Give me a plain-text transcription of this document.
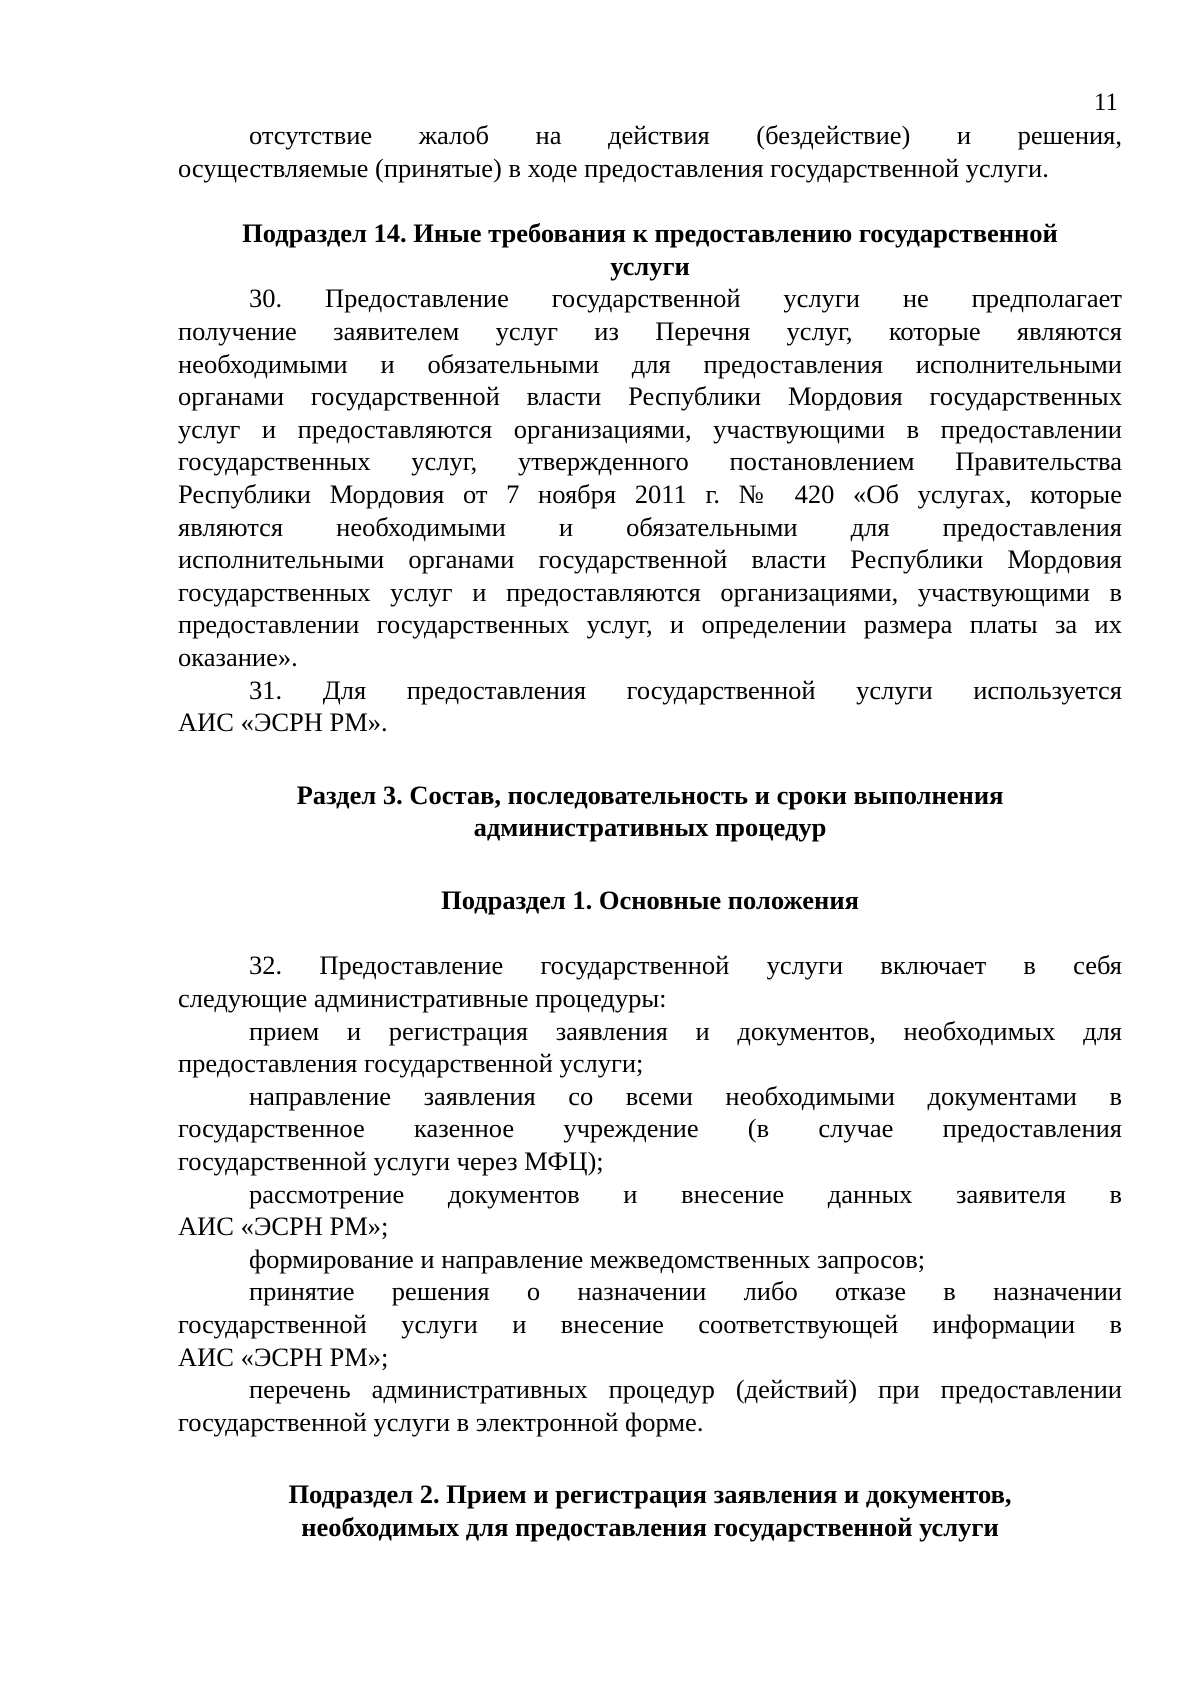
11

отсутствие жалоб на действия (бездействие) и решения,

осуществляемые (принятые) в ходе предоставления государственной услуги.

Подраздел 14. Иные требования к предоставлению государственной

услуги

30. Предоставление государственной услуги не предполагает

получение заявителем услуг из Перечня услуг, которые являются

необходимыми и обязательными для предоставления исполнительными

органами государственной власти Республики Мордовия государственных

услуг и предоставляются организациями, участвующими в предоставлении

государственных услуг, утвержденного постановлением Правительства

Республики Мордовия от 7 ноября 2011 г. № 420 «Об услугах, которые

являются необходимыми и обязательными для предоставления

исполнительными органами государственной власти Республики Мордовия

государственных услуг и предоставляются организациями, участвующими в

предоставлении государственных услуг, и определении размера платы за их

оказание».

31. Для предоставления государственной услуги используется

АИС «ЭСРН РМ».

Раздел 3. Состав, последовательность и сроки выполнения

административных процедур

Подраздел 1. Основные положения

32. Предоставление государственной услуги включает в себя

следующие административные процедуры:

прием и регистрация заявления и документов, необходимых для

предоставления государственной услуги;

направление заявления со всеми необходимыми документами в

государственное казенное учреждение (в случае предоставления

государственной услуги через МФЦ);

рассмотрение документов и внесение данных заявителя в

АИС «ЭСРН РМ»;

формирование и направление межведомственных запросов;

принятие решения о назначении либо отказе в назначении

государственной услуги и внесение соответствующей информации в

АИС «ЭСРН РМ»;

перечень административных процедур (действий) при предоставлении

государственной услуги в электронной форме.

Подраздел 2. Прием и регистрация заявления и документов,

необходимых для предоставления государственной услуги
